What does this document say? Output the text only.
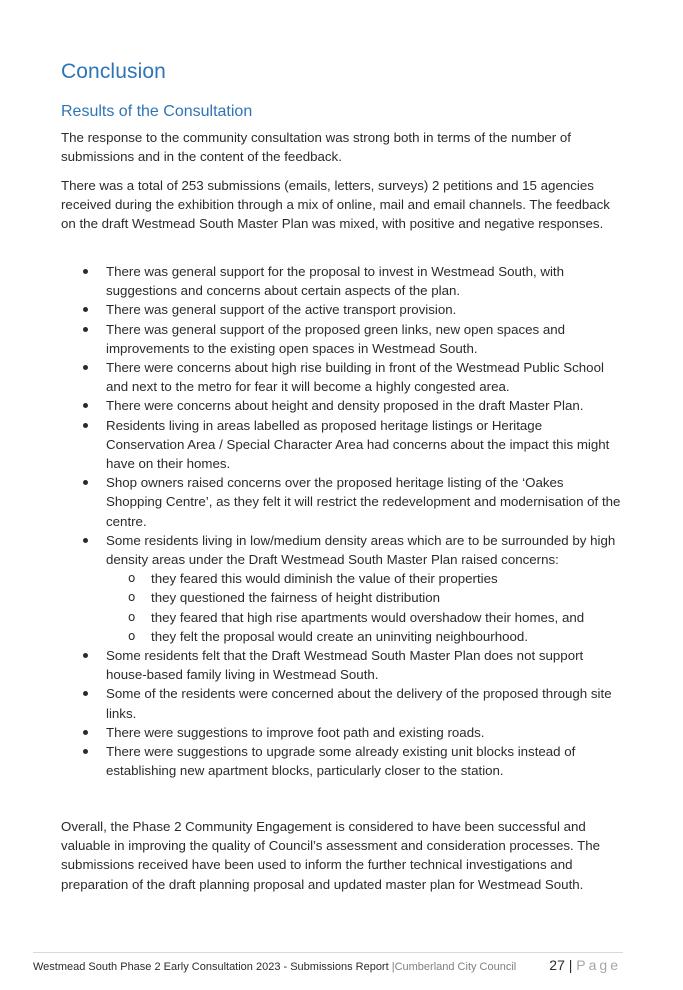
Conclusion
Results of the Consultation

The response to the community consultation was strong both in terms of the number of submissions and in the content of the feedback.

There was a total of 253 submissions (emails, letters, surveys) 2 petitions and 15 agencies received during the exhibition through a mix of online, mail and email channels. The feedback on the draft Westmead South Master Plan was mixed, with positive and negative responses.

There was general support for the proposal to invest in Westmead South, with suggestions and concerns about certain aspects of the plan.
There was general support of the active transport provision.
There was general support of the proposed green links, new open spaces and improvements to the existing open spaces in Westmead South.
There were concerns about high rise building in front of the Westmead Public School and next to the metro for fear it will become a highly congested area.
There were concerns about height and density proposed in the draft Master Plan.
Residents living in areas labelled as proposed heritage listings or Heritage Conservation Area / Special Character Area had concerns about the impact this might have on their homes.
Shop owners raised concerns over the proposed heritage listing of the ‘Oakes Shopping Centre’, as they felt it will restrict the redevelopment and modernisation of the centre.
Some residents living in low/medium density areas which are to be surrounded by high density areas under the Draft Westmead South Master Plan raised concerns:
o they feared this would diminish the value of their properties
o they questioned the fairness of height distribution
o they feared that high rise apartments would overshadow their homes, and
o they felt the proposal would create an uninviting neighbourhood.
Some residents felt that the Draft Westmead South Master Plan does not support house-based family living in Westmead South.
Some of the residents were concerned about the delivery of the proposed through site links.
There were suggestions to improve foot path and existing roads.
There were suggestions to upgrade some already existing unit blocks instead of establishing new apartment blocks, particularly closer to the station.

Overall, the Phase 2 Community Engagement is considered to have been successful and valuable in improving the quality of Council’s assessment and consideration processes. The submissions received have been used to inform the further technical investigations and preparation of the draft planning proposal and updated master plan for Westmead South.

Westmead South Phase 2 Early Consultation 2023 - Submissions Report |Cumberland City Council 27 | Page
